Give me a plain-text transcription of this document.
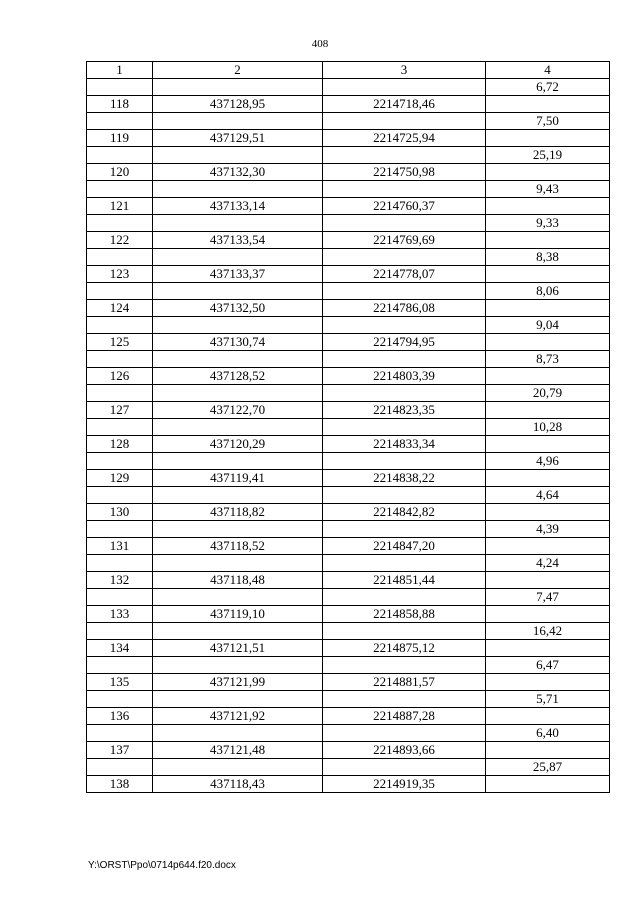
408
1	2	3	4
			6,72
118	437128,95	2214718,46	
			7,50
119	437129,51	2214725,94	
			25,19
120	437132,30	2214750,98	
			9,43
121	437133,14	2214760,37	
			9,33
122	437133,54	2214769,69	
			8,38
123	437133,37	2214778,07	
			8,06
124	437132,50	2214786,08	
			9,04
125	437130,74	2214794,95	
			8,73
126	437128,52	2214803,39	
			20,79
127	437122,70	2214823,35	
			10,28
128	437120,29	2214833,34	
			4,96
129	437119,41	2214838,22	
			4,64
130	437118,82	2214842,82	
			4,39
131	437118,52	2214847,20	
			4,24
132	437118,48	2214851,44	
			7,47
133	437119,10	2214858,88	
			16,42
134	437121,51	2214875,12	
			6,47
135	437121,99	2214881,57	
			5,71
136	437121,92	2214887,28	
			6,40
137	437121,48	2214893,66	
			25,87
138	437118,43	2214919,35	
Y:\ORST\Ppo\0714p644.f20.docx
